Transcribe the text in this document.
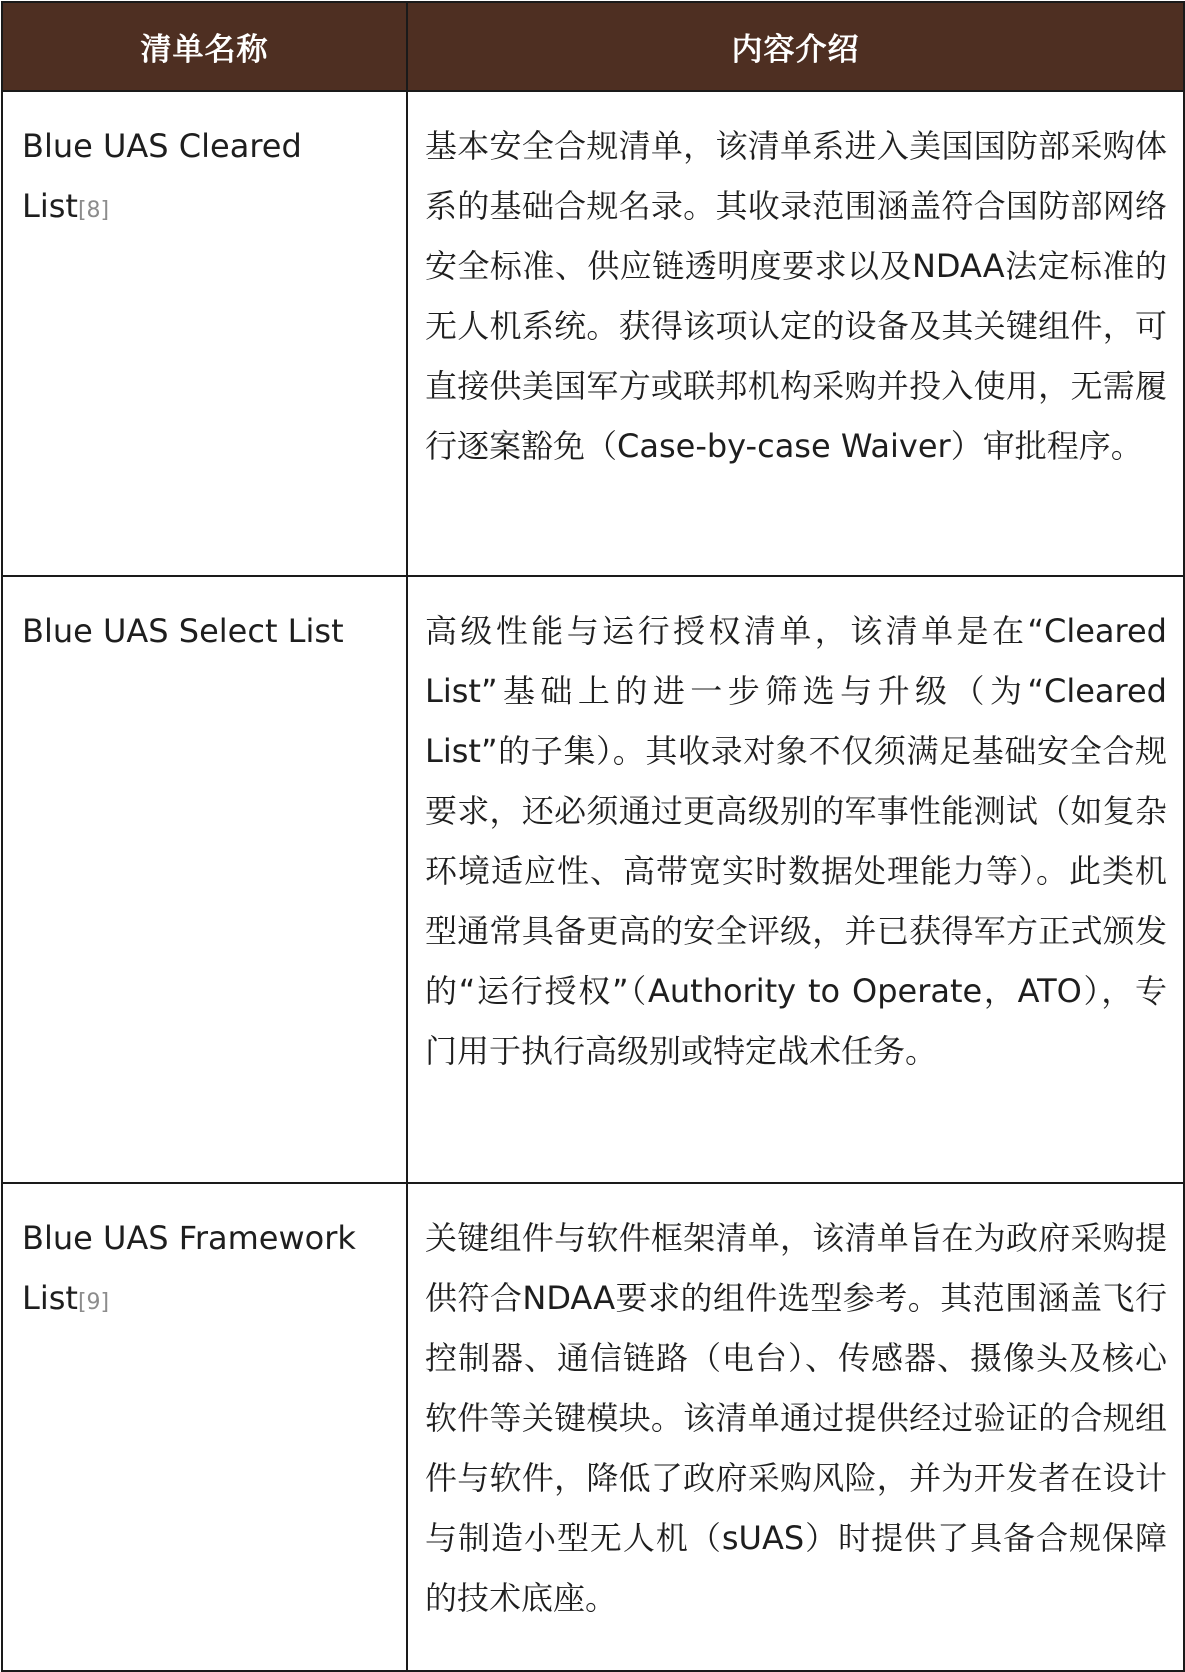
清单名称	内容介绍
Blue UAS Cleared List[8]	基本安全合规清单，该清单系进入美国国防部采购体系的基础合规名录。其收录范围涵盖符合国防部网络安全标准、供应链透明度要求以及NDAA法定标准的无人机系统。获得该项认定的设备及其关键组件，可直接供美国军方或联邦机构采购并投入使用，无需履行逐案豁免（Case-by-case Waiver）审批程序。
Blue UAS Select List	高级性能与运行授权清单，该清单是在“Cleared List”基础上的进一步筛选与升级（为“Cleared List”的子集）。其收录对象不仅须满足基础安全合规要求，还必须通过更高级别的军事性能测试（如复杂环境适应性、高带宽实时数据处理能力等）。此类机型通常具备更高的安全评级，并已获得军方正式颁发的“运行授权”（Authority to Operate，ATO），专门用于执行高级别或特定战术任务。
Blue UAS Framework List[9]	关键组件与软件框架清单，该清单旨在为政府采购提供符合NDAA要求的组件选型参考。其范围涵盖飞行控制器、通信链路（电台）、传感器、摄像头及核心软件等关键模块。该清单通过提供经过验证的合规组件与软件，降低了政府采购风险，并为开发者在设计与制造小型无人机（sUAS）时提供了具备合规保障的技术底座。
